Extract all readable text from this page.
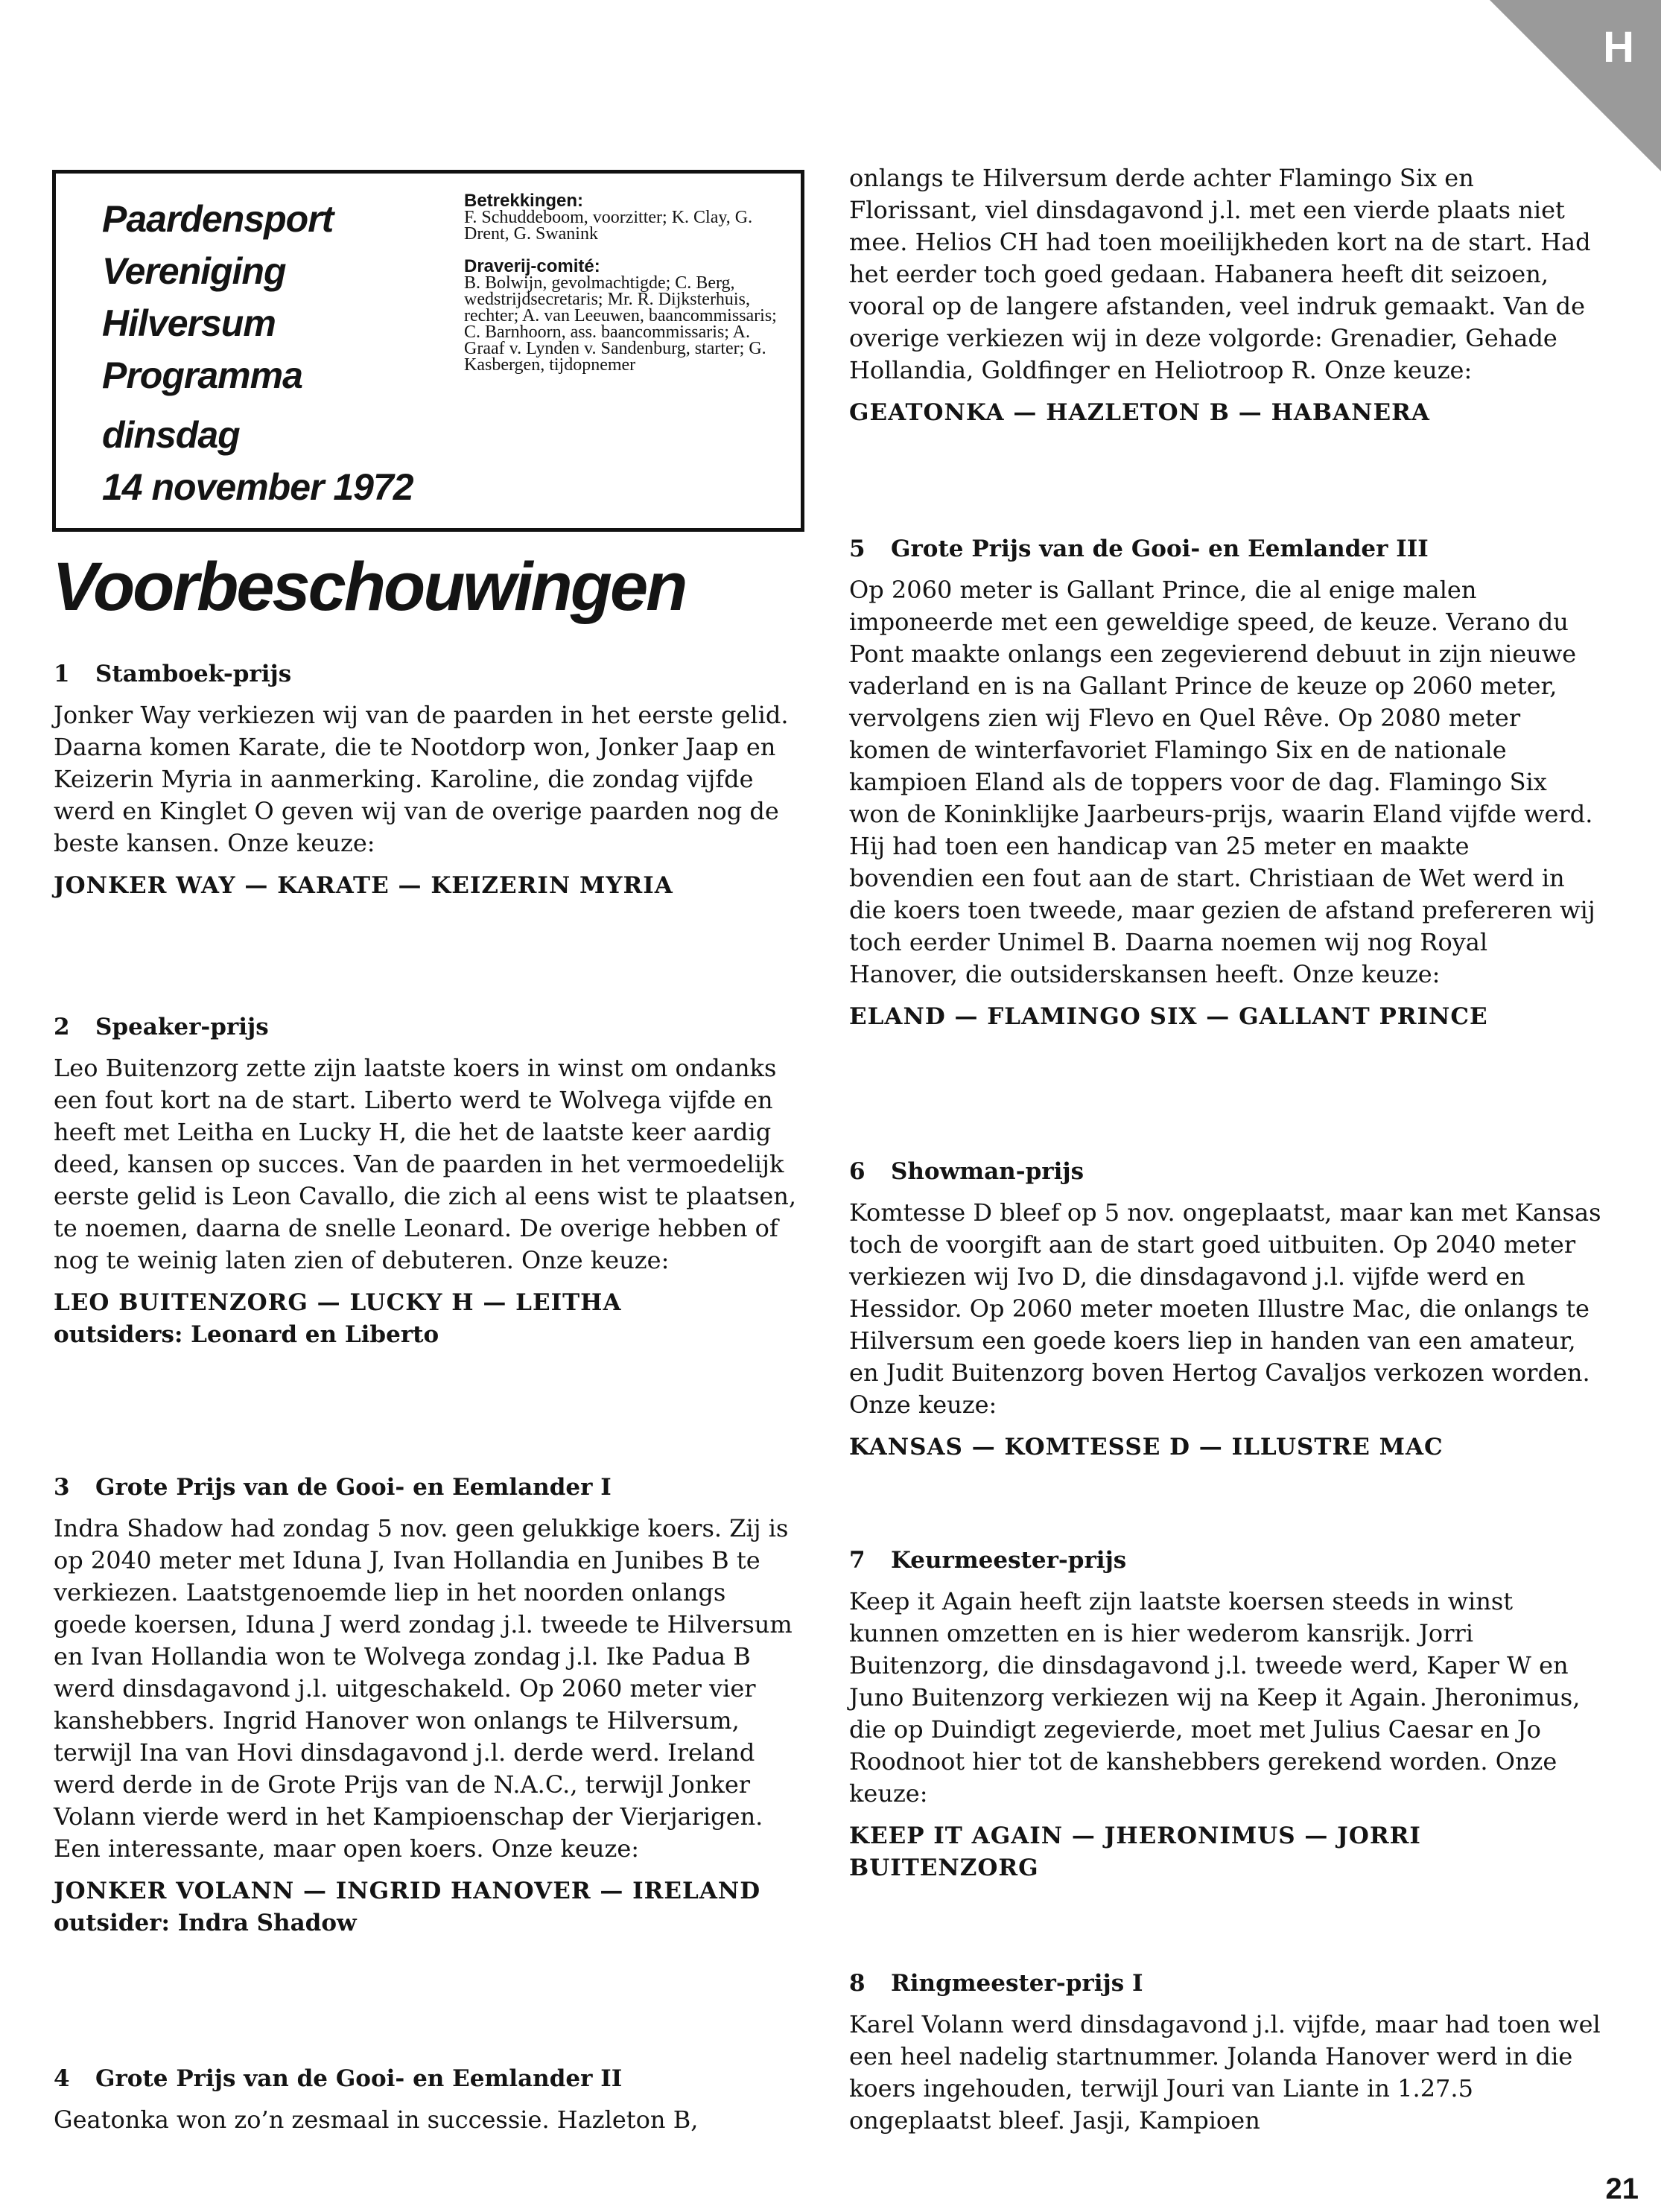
H
Paardensport
Vereniging
Hilversum
Programma
dinsdag
14 november 1972
Betrekkingen:
F. Schuddeboom, voorzitter; K. Clay, G. Drent, G. Swanink
Draverij-comité:
B. Bolwijn, gevolmachtigde; C. Berg, wedstrijdsecretaris; Mr. R. Dijksterhuis, rechter; A. van Leeuwen, baancommissaris; C. Barnhoorn, ass. baancommissaris; A. Graaf v. Lynden v. Sandenburg, starter; G. Kasbergen, tijdopnemer
Voorbeschouwingen
1 Stamboek-prijs
Jonker Way verkiezen wij van de paarden in het eerste gelid. Daarna komen Karate, die te Nootdorp won, Jonker Jaap en Keizerin Myria in aanmerking. Karoline, die zondag vijfde werd en Kinglet O geven wij van de overige paarden nog de beste kansen. Onze keuze:
JONKER WAY — KARATE — KEIZERIN MYRIA
2 Speaker-prijs
Leo Buitenzorg zette zijn laatste koers in winst om ondanks een fout kort na de start. Liberto werd te Wolvega vijfde en heeft met Leitha en Lucky H, die het de laatste keer aardig deed, kansen op succes. Van de paarden in het vermoedelijk eerste gelid is Leon Cavallo, die zich al eens wist te plaatsen, te noemen, daarna de snelle Leonard. De overige hebben of nog te weinig laten zien of debuteren. Onze keuze:
LEO BUITENZORG — LUCKY H — LEITHA
outsiders: Leonard en Liberto
3 Grote Prijs van de Gooi- en Eemlander I
Indra Shadow had zondag 5 nov. geen gelukkige koers. Zij is op 2040 meter met Iduna J, Ivan Hollandia en Junibes B te verkiezen. Laatstgenoemde liep in het noorden onlangs goede koersen, Iduna J werd zondag j.l. tweede te Hilversum en Ivan Hollandia won te Wolvega zondag j.l. Ike Padua B werd dinsdagavond j.l. uitgeschakeld. Op 2060 meter vier kanshebbers. Ingrid Hanover won onlangs te Hilversum, terwijl Ina van Hovi dinsdagavond j.l. derde werd. Ireland werd derde in de Grote Prijs van de N.A.C., terwijl Jonker Volann vierde werd in het Kampioenschap der Vierjarigen. Een interessante, maar open koers. Onze keuze:
JONKER VOLANN — INGRID HANOVER — IRELAND
outsider: Indra Shadow
4 Grote Prijs van de Gooi- en Eemlander II
Geatonka won zo’n zesmaal in successie. Hazleton B,
onlangs te Hilversum derde achter Flamingo Six en Florissant, viel dinsdagavond j.l. met een vierde plaats niet mee. Helios CH had toen moeilijkheden kort na de start. Had het eerder toch goed gedaan. Habanera heeft dit seizoen, vooral op de langere afstanden, veel indruk gemaakt. Van de overige verkiezen wij in deze volgorde: Grenadier, Gehade Hollandia, Goldfinger en Heliotroop R. Onze keuze:
GEATONKA — HAZLETON B — HABANERA
5 Grote Prijs van de Gooi- en Eemlander III
Op 2060 meter is Gallant Prince, die al enige malen imponeerde met een geweldige speed, de keuze. Verano du Pont maakte onlangs een zegevierend debuut in zijn nieuwe vaderland en is na Gallant Prince de keuze op 2060 meter, vervolgens zien wij Flevo en Quel Rêve. Op 2080 meter komen de winterfavoriet Flamingo Six en de nationale kampioen Eland als de toppers voor de dag. Flamingo Six won de Koninklijke Jaarbeurs-prijs, waarin Eland vijfde werd. Hij had toen een handicap van 25 meter en maakte bovendien een fout aan de start. Christiaan de Wet werd in die koers toen tweede, maar gezien de afstand prefereren wij toch eerder Unimel B. Daarna noemen wij nog Royal Hanover, die outsiderskansen heeft. Onze keuze:
ELAND — FLAMINGO SIX — GALLANT PRINCE
6 Showman-prijs
Komtesse D bleef op 5 nov. ongeplaatst, maar kan met Kansas toch de voorgift aan de start goed uitbuiten. Op 2040 meter verkiezen wij Ivo D, die dinsdagavond j.l. vijfde werd en Hessidor. Op 2060 meter moeten Illustre Mac, die onlangs te Hilversum een goede koers liep in handen van een amateur, en Judit Buitenzorg boven Hertog Cavaljos verkozen worden. Onze keuze:
KANSAS — KOMTESSE D — ILLUSTRE MAC
7 Keurmeester-prijs
Keep it Again heeft zijn laatste koersen steeds in winst kunnen omzetten en is hier wederom kansrijk. Jorri Buitenzorg, die dinsdagavond j.l. tweede werd, Kaper W en Juno Buitenzorg verkiezen wij na Keep it Again. Jheronimus, die op Duindigt zegevierde, moet met Julius Caesar en Jo Roodnoot hier tot de kanshebbers gerekend worden. Onze keuze:
KEEP IT AGAIN — JHERONIMUS — JORRI BUITENZORG
8 Ringmeester-prijs I
Karel Volann werd dinsdagavond j.l. vijfde, maar had toen wel een heel nadelig startnummer. Jolanda Hanover werd in die koers ingehouden, terwijl Jouri van Liante in 1.27.5 ongeplaatst bleef. Jasji, Kampioen
21
